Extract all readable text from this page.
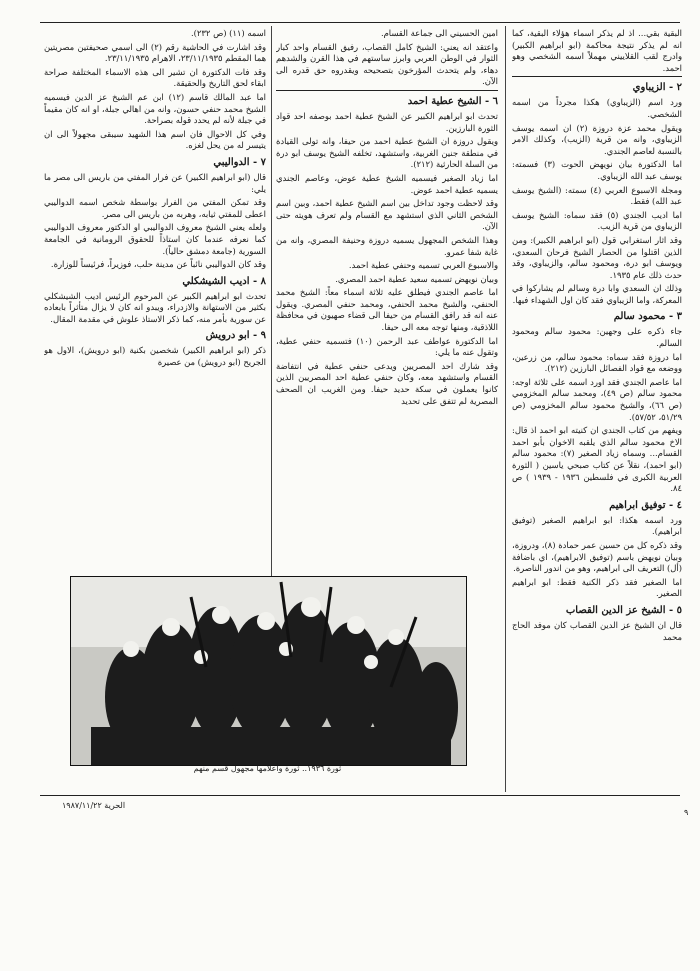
البقية بقي... اذ لم يذكر اسماء هؤلاء البقية، كما انه لم يذكر نتيجة محاكمة (ابو ابراهيم الكبير) وادرج لقب القلاييني مهملاً اسمه الشخصي وهو احمد.

٢ - الزيباوي

ورد اسم (الزيباوي) هكذا مجرداً من اسمه الشخصي.

ويقول محمد عزة دروزة (٢) ان اسمه يوسف الزيباوي، وانه من قرية (الزيب)، وكذلك الامر بالنسبة لعاصم الجندي.

اما الدكتورة بيان نويهض الحوت (٣) فسمته: يوسف عبد الله الزيباوي.

ومجلة الاسبوع العربي (٤) سمته: (الشيخ يوسف عبد الله) فقط.

اما اديب الجندي (٥) فقد سماه: الشيخ يوسف الزيباوي من قرية الزيب.

وقد اثار استغرابي قول (ابو ابراهيم الكبير): ومن الذين اقتلوا من الحصار الشيخ فرحان السعدي، ويوسف ابو درة، ومحمود سالم، والزيباوي، وقد حدث ذلك عام ١٩٣٥.

وذلك ان السعدي وابا درة وسالم لم يشاركوا في المعركة، واما الزيباوي فقد كان اول الشهداء فيها.

٣ - محمود سالم

جاء ذكره على وجهين: محمود سالم ومحمود السالم.

اما دروزة فقد سماه: محمود سالم، من زرعين، ووضعه مع قواد الفصائل البارزين (٢١٢).

اما عاصم الجندي فقد اورد اسمه على ثلاثة اوجه: محمود سالم (ص ٤٩)، ومحمد سالم المخزومي (ص ٦٦)، والشيخ محمود سالم المخزومي (ص ٥١/٢٩، ٥٧/٥٢).

ويفهم من كتاب الجندي ان كنيته ابو احمد اذ قال: الاخ محمود سالم الذي يلقبه الاخوان بأبو احمد القسام... وسماه زياد الصغير (٧): محمود سالم (ابو احمد)، نقلاً عن كتاب صبحي ياسين ( الثورة العربية الكبرى في فلسطين ١٩٣٦ - ١٩٣٩ ) ص ٨٤.

٤ - توفيق ابراهيم

ورد اسمه هكذا: ابو ابراهيم الصغير (توفيق ابراهيم).

وقد ذكره كل من حسين عمر حمادة (٨)، ودروزة، وبيان نويهض باسم (توفيق الابراهيم)، اي باضافة (أل) التعريف الى ابراهيم، وهو من اندور الناصرة.

اما الصغير فقد ذكر الكنية فقط: ابو ابراهيم الصغير.

٥ - الشيخ عز الدين القصاب

قال ان الشيخ عز الدين القصاب كان موفد الحاج محمد

امين الحسيني الى جماعة القسام.

واعتقد انه يعني: الشيخ كامل القصاب، رفيق القسام واحد كبار الثوار في الوطن العربي وابرز ساستهم في هذا القرن والشدهم دهاء، ولم يتحدث المؤرخون بتصحيحه ويقدروه حق قدره الى الآن.

٦ - الشيخ عطية احمد

تحدث ابو ابراهيم الكبير عن الشيخ عطية احمد بوصفه احد قواد الثورة البارزين.

ويقول دروزة ان الشيخ عطية احمد من حيفا، وانه تولى القيادة في منطقة جنين الغربية، واستشهد، تخلفه الشيخ يوسف ابو درة من السلة الحارثية (٢١٢).

اما زياد الصغير فيسميه الشيخ عطية عوض، وعاصم الجندي يسميه عطية احمد عوض.

وقد لاحظت وجود تداخل بين اسم الشيخ عطية احمد، وبين اسم الشخص الثاني الذي استشهد مع القسام ولم تعرف هويته حتى الآن.

وهذا الشخص المجهول يسميه دروزة وحنيفة المصري، وانه من غابة شفا عمرو.

والاسبوع العربي تسميه وحنفي عطية احمد.

وبيان نويهض تسميه سعيد عطية احمد المصري.

اما عاصم الجندي فيطلق عليه ثلاثة اسماء معاً: الشيخ محمد الحنفي، والشيخ محمد الحنفي، ومحمد حنفي المصري. ويقول عنه انه قد رافق القسام من حيفا الى قضاء صهيون في محافظة اللاذقية، ومنها توجه معه الى حيفا.

اما الدكتورة عواطف عبد الرحمن (١٠) فتسميه حنفي عطية، وتقول عنه ما يلي:

وقد شارك احد المصريين ويدعى حنفي عطية في انتفاضة القسام واستشهد معه، وكان حنفي عطية احد المصريين الذين كانوا يعملون في سكة حديد حيفا. ومن الغريب ان الصحف المصرية لم تتفق على تحديد

اسمه (١١) (ص ٢٣٢).

وقد اشارت في الحاشية رقم (٢) الى اسمي صحيفتين مصريتين هما المقطم ٢٣/١١/١٩٣٥، الاهرام ٢٣/١١/١٩٣٥.

وقد فات الدكتورة ان تشير الى هذه الاسماء المختلفة صراحة ابقاء لحق التاريخ والحقيقة.

اما عبد المالك قاسم (١٢) ابن عم الشيخ عز الدين فيسميه الشيخ محمد حنفي حسون، وانه من اهالي جبلة، او انه كان مقيماً في جبلة لأنه لم يحدد قوله بصراحة.

وفي كل الاحوال فان اسم هذا الشهيد سيبقى مجهولاً الى ان يتيسر له من يحل لغزه.

٧ - الدواليبي

قال (ابو ابراهيم الكبير) عن فرار المفتي من باريس الى مصر ما يلي:

وقد تمكن المفتي من الفرار بواسطة شخص اسمه الدواليبي اعطى للمفتي ثيابه، وهربه من باريس الى مصر.

ولعله يعني الشيخ معروف الدواليبي او الدكتور معروف الدواليبي كما نعرفه عندما كان استاذاً للحقوق الرومانية في الجامعة السورية (جامعة دمشق حالياً).

وقد كان الدواليبي نائباً عن مدينة حلب، فوزيراً، فرئيساً للوزارة.

٨ - اديب الشيشكلي

تحدث ابو ابراهيم الكبير عن المرحوم الرئيس اديب الشيشكلي بكثير من الاستهانة والازدراء، ويبدو انه كان لا يزال متأثراً بابعاده عن سورية بأمر منه، كما ذكر الاستاذ علوش في مقدمة المقال.

٩ - ابو درويش

ذكر (ابو ابراهيم الكبير) شخصين بكنية (ابو درويش)، الاول هو الجريح (ابو درويش) من عصيرة

ثورة ١٩٣٦.. ثورة وأعلامها مجهول قسم منهم
الحرية ١٩٨٧/١١/٢٢
٩
